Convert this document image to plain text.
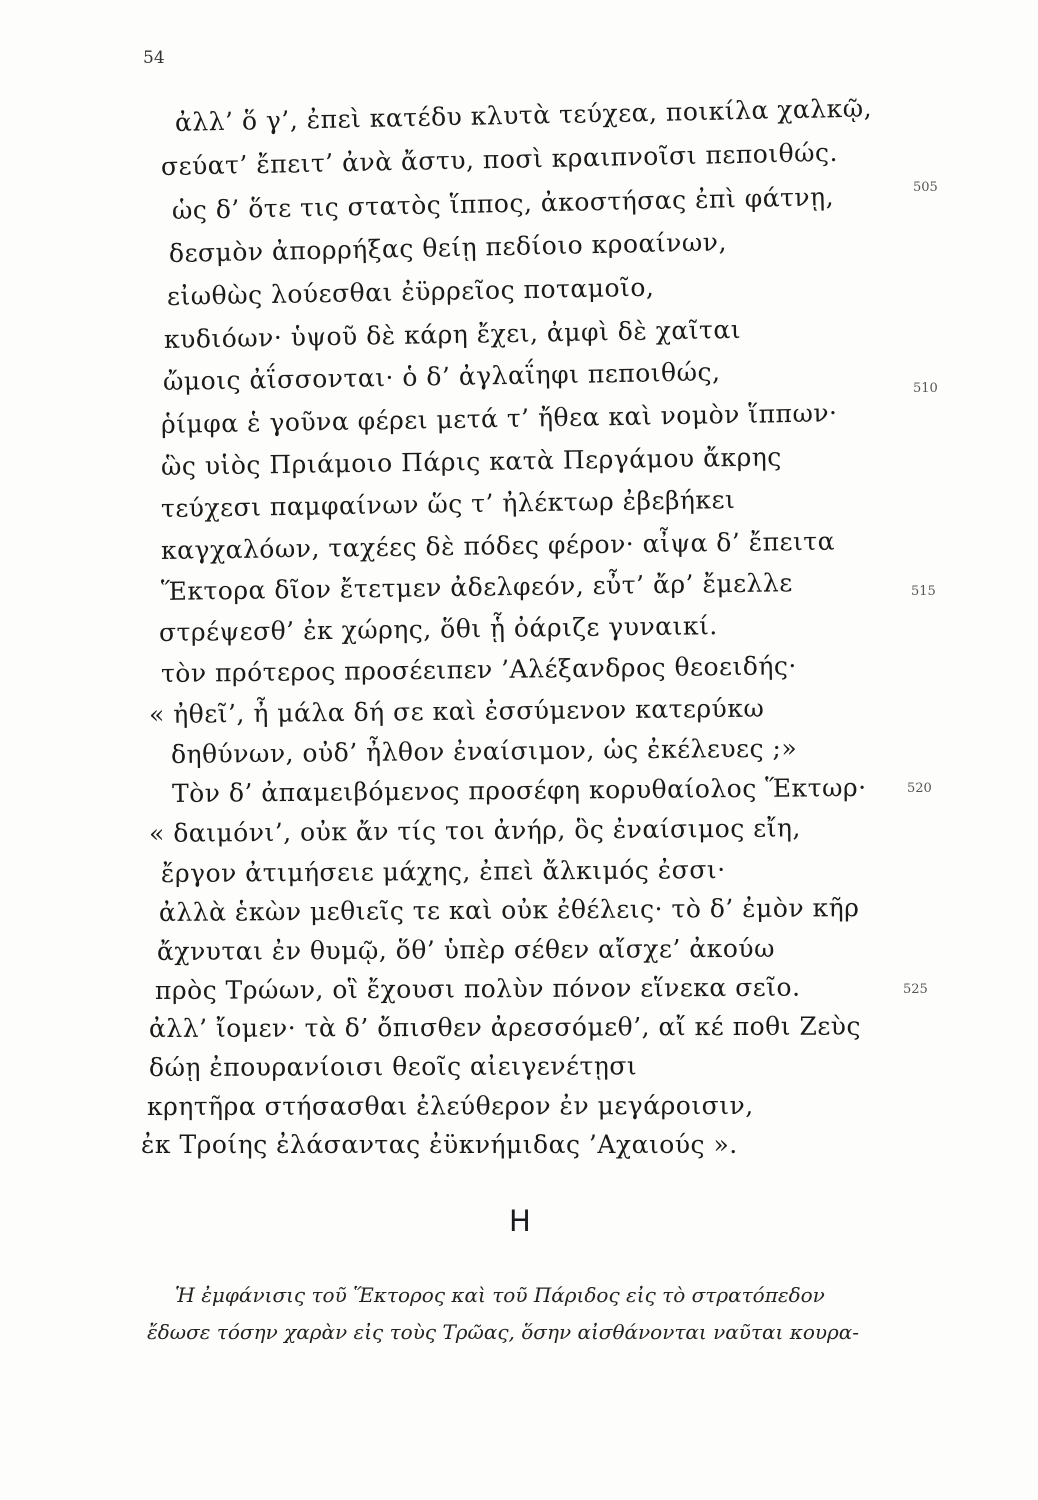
54
ἀλλ’ ὅ γ’, ἐπεὶ κατέδυ κλυτὰ τεύχεα, ποικίλα χαλκῷ,
σεύατ’ ἔπειτ’ ἀνὰ ἄστυ, ποσὶ κραιπνοῖσι πεποιθώς.
ὡς δ’ ὅτε τις στατὸς ἵππος, ἀκοστήσας ἐπὶ φάτνῃ,
δεσμὸν ἀπορρήξας θείῃ πεδίοιο κροαίνων,
εἰωθὼς λούεσθαι ἐϋρρεῖος ποταμοῖο,
κυδιόων· ὑψοῦ δὲ κάρη ἔχει, ἀμφὶ δὲ χαῖται
ὤμοις ἀΐσσονται· ὁ δ’ ἀγλαΐηφι πεποιθώς,
ῥίμφα ἑ γοῦνα φέρει μετά τ’ ἤθεα καὶ νομὸν ἵππων·
ὣς υἱὸς Πριάμοιο Πάρις κατὰ Περγάμου ἄκρης
τεύχεσι παμφαίνων ὥς τ’ ἠλέκτωρ ἐβεβήκει
καγχαλόων, ταχέες δὲ πόδες φέρον· αἶψα δ’ ἔπειτα
Ἕκτορα δῖον ἔτετμεν ἀδελφεόν, εὖτ’ ἄρ’ ἔμελλε
στρέψεσθ’ ἐκ χώρης, ὅθι ᾗ ὀάριζε γυναικί.
τὸν πρότερος προσέειπεν ’Αλέξανδρος θεοειδής·
« ἠθεῖ’, ἦ μάλα δή σε καὶ ἐσσύμενον κατερύκω
δηθύνων, οὐδ’ ἦλθον ἐναίσιμον, ὡς ἐκέλευες ;»
Τὸν δ’ ἀπαμειβόμενος προσέφη κορυθαίολος Ἕκτωρ·
« δαιμόνι’, οὐκ ἄν τίς τοι ἀνήρ, ὃς ἐναίσιμος εἴη,
ἔργον ἀτιμήσειε μάχης, ἐπεὶ ἄλκιμός ἐσσι·
ἀλλὰ ἑκὼν μεθιεῖς τε καὶ οὐκ ἐθέλεις· τὸ δ’ ἐμὸν κῆρ
ἄχνυται ἐν θυμῷ, ὅθ’ ὑπὲρ σέθεν αἴσχε’ ἀκούω
πρὸς Τρώων, οἳ ἔχουσι πολὺν πόνον εἵνεκα σεῖο.
ἀλλ’ ἴομεν· τὰ δ’ ὄπισθεν ἀρεσσόμεθ’, αἴ κέ ποθι Ζεὺς
δώῃ ἐπουρανίοισι θεοῖς αἰειγενέτῃσι
κρητῆρα στήσασθαι ἐλεύθερον ἐν μεγάροισιν,
ἐκ Τροίης ἐλάσαντας ἐϋκνήμιδας ’Αχαιούς ».
505
510
515
520
525
Η
Ἡ ἐμφάνισις τοῦ Ἕκτορος καὶ τοῦ Πάριδος εἰς τὸ στρατόπεδον
ἔδωσε τόσην χαρὰν εἰς τοὺς Τρῶας, ὅσην αἰσθάνονται ναῦται κουρα-
